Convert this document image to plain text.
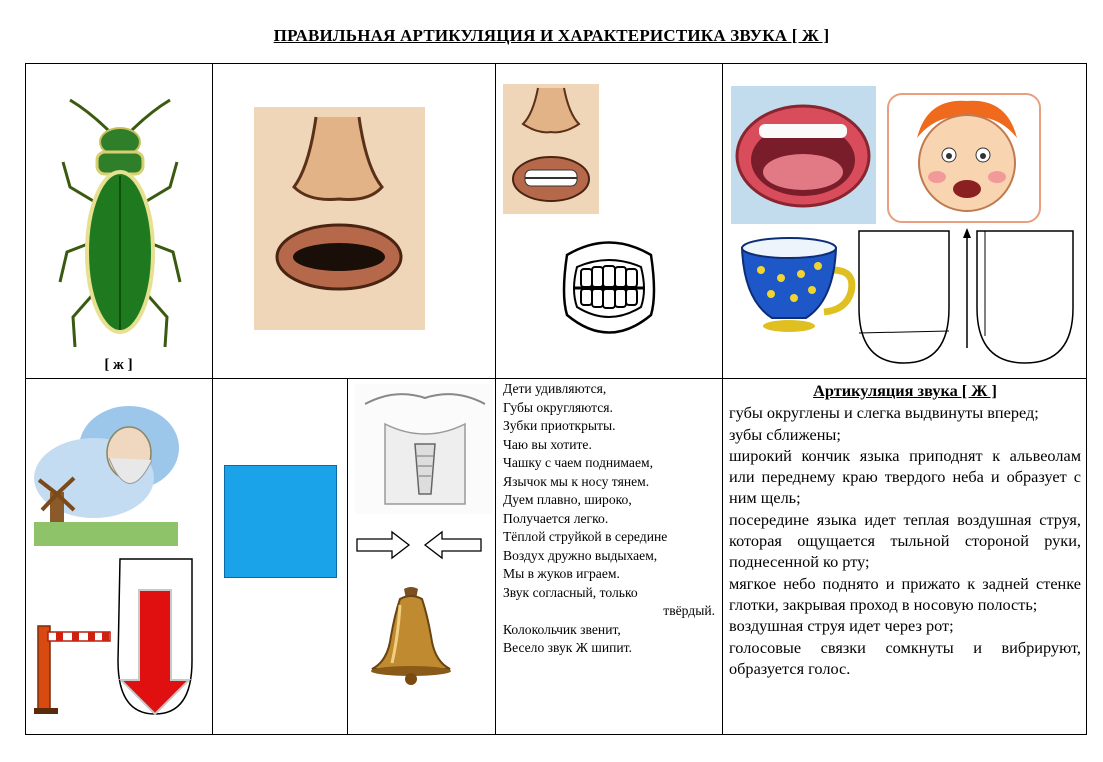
ПРАВИЛЬНАЯ АРТИКУЛЯЦИЯ И ХАРАКТЕРИСТИКА ЗВУКА [ Ж ]
[ ж ]
Дети удивляются,
Губы округляются.
Зубки приоткрыты.
Чаю вы хотите.
Чашку с чаем поднимаем,
Язычок мы к носу тянем.
Дуем плавно, широко,
Получается легко.
Тёплой струйкой в середине
Воздух дружно выдыхаем,
Мы в жуков играем.
Звук согласный, только
твёрдый.
Колокольчик звенит,
Весело звук Ж шипит.
Артикуляция звука [ Ж ]

губы округлены и слегка выдвинуты вперед;

зубы сближены;

широкий кончик языка приподнят к альвеолам или переднему краю твердого неба и образует с ним щель;

посередине языка идет теплая воздушная струя, которая ощущается тыльной стороной руки, поднесенной ко рту;

мягкое небо поднято и прижато к задней стенке глотки, закрывая проход в носовую полость;

воздушная струя идет через рот;

голосовые связки сомкнуты и вибрируют, образуется голос.
